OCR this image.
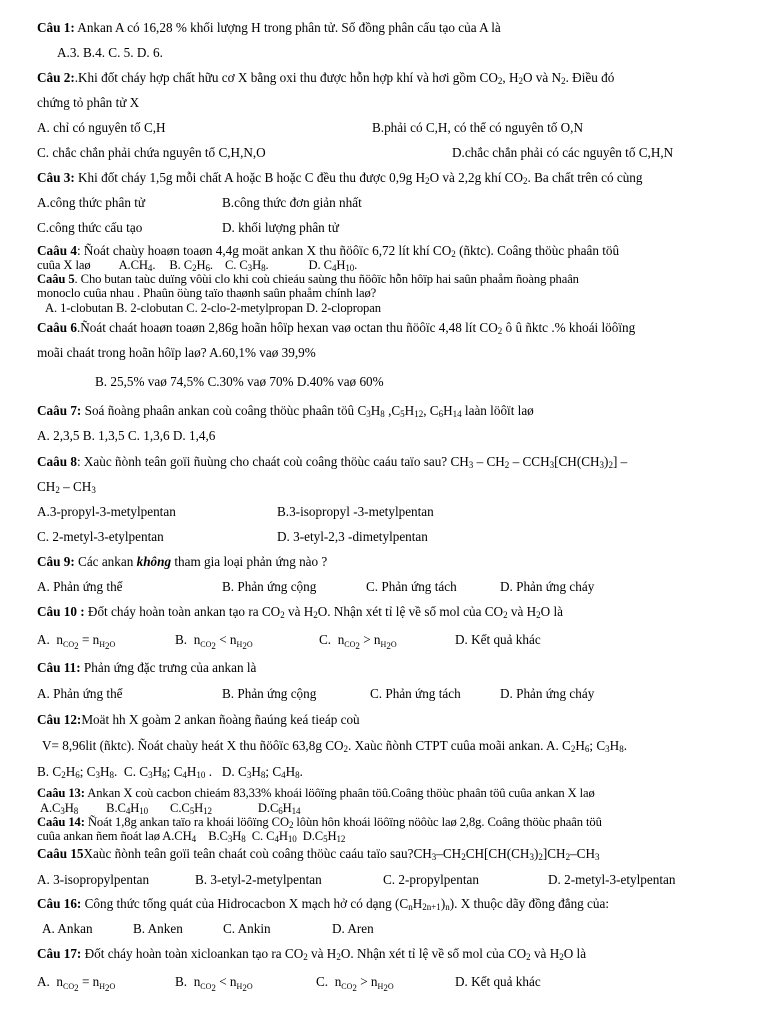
Câu 1: Ankan A có 16,28 % khối lượng H trong phân tử. Số đồng phân cấu tạo của A là
A.3. B.4. C. 5. D. 6.
Câu 2:.Khi đốt cháy hợp chất hữu cơ X bằng oxi thu được hỗn hợp khí và hơi gồm $CO_2$, $H_2O$ và $N_2$. Điều đó
chứng tỏ phân tử X
A. chỉ có nguyên tố C,H	B.phải có C,H, có thể có nguyên tố O,N
C. chắc chắn phải chứa nguyên tố C,H,N,O	D.chắc chắn phải có các nguyên tố C,H,N
Câu 3: Khi đốt cháy 1,5g mỗi chất A hoặc B hoặc C đều thu được 0,9g $H_2O$ và 2,2g khí $CO_2$. Ba chất trên có cùng
A.công thức phân tử	B.công thức đơn giản nhất
C.công thức cấu tạo	D. khối lượng phân tử
Caâu 4: Ñoát chaùy hoaøn toaøn 4,4g moät ankan X thu ñöôïc 6,72 lít khí $CO_2$ (ñktc). Coâng thöùc phaân töû
cuûa X laø $A.CH_4$. B. $C_2H_6$. C. $C_3H_8$.	D. $C_4H_{10}$.
Caâu 5. Cho butan taùc duïng vôùi clo khi coù chieáu saùng thu ñöôïc hỗn hôïp hai saûn phaåm ñoàng phaân
monoclo cuûa nhau . Phaûn öùng taïo thaønh saûn phaåm chính laø?
A. 1-clobutan B. 2-clobutan C. 2-clo-2-metylpropan D. 2-clopropan
Caâu 6.Ñoát chaát hoaøn toaøn 2,86g hoãn hôïp hexan vaø octan thu ñöôïc 4,48 lít $CO_2$ ô û ñktc .% khoái löôïng
moãi chaát trong hoãn hôïp laø? A.60,1% vaø 39,9%
B. 25,5% vaø 74,5% C.30% vaø 70% D.40% vaø 60%
Caâu 7: Soá ñoàng phaân ankan coù coâng thöùc phaân töû $C_3H_8$ $,C_5H_{12}$, $C_6H_{14}$ laàn löôït laø
A. 2,3,5 B. 1,3,5 C. 1,3,6 D. 1,4,6
Caâu 8: Xaùc ñònh teân goïi ñuùng cho chaát coù coâng thöùc caáu taïo sau? $CH_3 - CH_2 - CCH_3[CH(CH_3)_2]$ –
$CH_2 - CH_3$
A.3-propyl-3-metylpentan	B.3-isopropyl -3-metylpentan
C. 2-metyl-3-etylpentan	D. 3-etyl-2,3 -dimetylpentan
Câu 9: Các ankan không tham gia loại phản ứng nào ?
A. Phản ứng thế	B. Phản ứng cộng	C. Phản ứng tách	D. Phản ứng cháy
Câu 10 : Đốt cháy hoàn toàn ankan tạo ra $CO_2$ và $H_2O$. Nhận xét tỉ lệ về số mol của $CO_2$ và $H_2O$ là
A. $n_{CO_2} = n_{H_2O}$	B. $n_{CO_2} < n_{H_2O}$	C. $n_{CO_2} > n_{H_2O}$	D. Kết quả khác
Câu 11: Phản ứng đặc trưng của ankan là
A. Phản ứng thế	B. Phản ứng cộng	C. Phản ứng tách	D. Phản ứng cháy
Câu 12:Moät hh X goàm 2 ankan ñoàng ñaúng keá tieáp coù
V= 8,96lit (ñktc). Ñoát chaùy heát X thu ñöôïc 63,8g $CO_2$. Xaùc ñònh CTPT cuûa moãi ankan. A. $C_2H_6$; $C_3H_8$.
B. $C_2H_6$; $C_3H_8$.  C. $C_3H_8$; $C_4H_{10}$ .   D. $C_3H_8$; $C_4H_8$.
Caâu 13: Ankan X coù cacbon chieám 83,33% khoái löôïng phaân töû.Coâng thöùc phaân töû cuûa ankan X laø
$A.C_3H_8$ $B.C_4H_{10}$ $C.C_5H_{12}$	$D.C_6H_{14}$
Caâu 14: Ñoát 1,8g ankan taïo ra khoái löôïng $CO_2$ lôùn hôn khoái löôïng nöôùc laø 2,8g. Coâng thöùc phaân töû
cuûa ankan ñem ñoát laø $A.CH_4$    $B.C_3H_8$  C. $C_4H_{10}$  $D.C_5H_{12}$
Caâu 15Xaùc ñònh teân goïi teân chaát coù coâng thöùc caáu taïo $sau?CH_3-CH_2CH[CH(CH_3)_2]CH_2-CH_3$
A. 3-isopropylpentan	B. 3-etyl-2-metylpentan	C. 2-propylpentan	D. 2-metyl-3-etylpentan
Câu 16: Công thức tổng quát của Hidrocacbon X mạch hở có dạng $(C_nH_{2n+1})_n$). X thuộc dãy đồng đẳng của:
A. Ankan	B. Anken	C. Ankin	D. Aren
Câu 17: Đốt cháy hoàn toàn xicloankan tạo ra $CO_2$ và $H_2O$. Nhận xét tỉ lệ về số mol của $CO_2$ và $H_2O$ là
A. $n_{CO_2} = n_{H_2O}$	B. $n_{CO_2} < n_{H_2O}$	C. $n_{CO_2} > n_{H_2O}$	D. Kết quả khác
